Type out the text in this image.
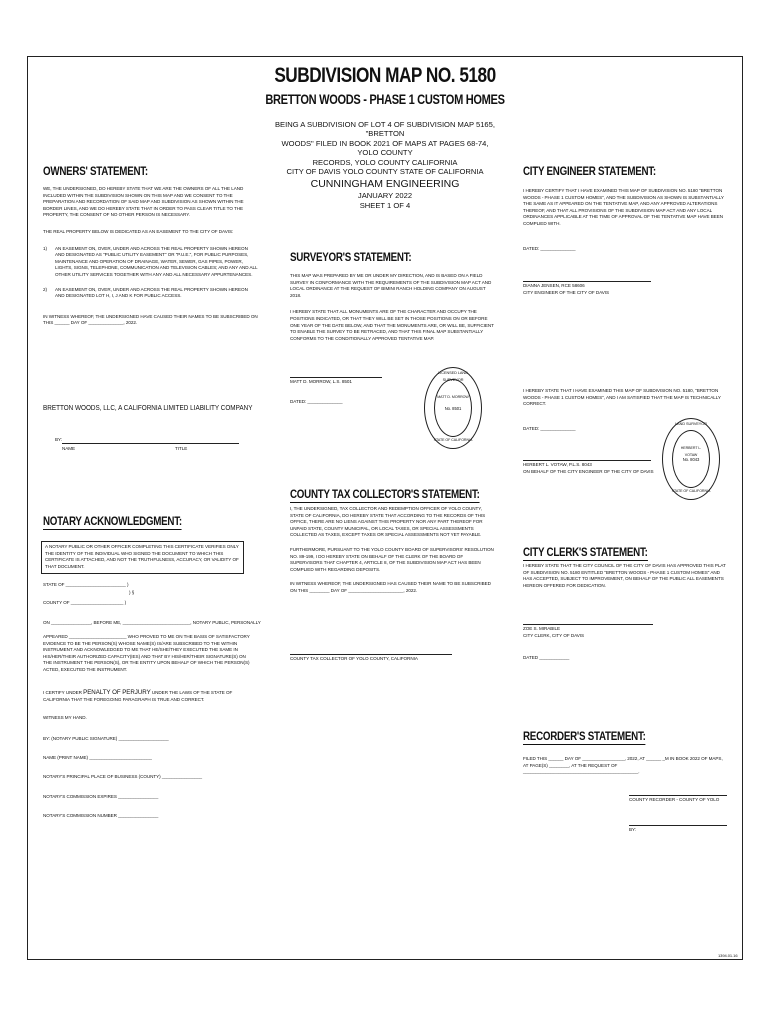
SUBDIVISION MAP NO. 5180
BRETTON WOODS - PHASE 1 CUSTOM HOMES

BEING A SUBDIVISION OF LOT 4 OF SUBDIVISION MAP 5165, "BRETTON

WOODS" FILED IN BOOK 2021 OF MAPS AT PAGES 68-74, YOLO COUNTY

RECORDS, YOLO COUNTY CALIFORNIA

CITY OF DAVIS YOLO COUNTY STATE OF CALIFORNIA

CUNNINGHAM ENGINEERING

JANUARY 2022

SHEET 1 OF 4

OWNERS' STATEMENT:

WE, THE UNDERSIGNED, DO HEREBY STATE THAT WE ARE THE OWNERS OF ALL THE LAND INCLUDED WITHIN THE SUBDIVISION SHOWN ON THIS MAP AND WE CONSENT TO THE PREPARATION AND RECORDATION OF SAID MAP AND SUBDIVISION AS SHOWN WITHIN THE BORDER LINES, AND WE DO HEREBY STATE THAT IN ORDER TO PASS CLEAR TITLE TO THE PROPERTY, THE CONSENT OF NO OTHER PERSON IS NECESSARY.

THE REAL PROPERTY BELOW IS DEDICATED AS AN EASEMENT TO THE CITY OF DAVIS:

1)	AN EASEMENT ON, OVER, UNDER AND ACROSS THE REAL PROPERTY SHOWN HEREON AND DESIGNATED AS "PUBLIC UTILITY EASEMENT" OR "P.U.E.", FOR PUBLIC PURPOSES, MAINTENANCE AND OPERATION OF DRAINAGE, WATER, SEWER, GAS PIPES, POWER, LIGHTS, SIGNS, TELEPHONE, COMMUNICATION AND TELEVISION CABLES; AND ANY AND ALL OTHER UTILITY SERVICES TOGETHER WITH ANY AND ALL NECESSARY APPURTENANCES.
2)	AN EASEMENT ON, OVER, UNDER AND ACROSS THE REAL PROPERTY SHOWN HEREON AND DESIGNATED LOT H, I, J AND K FOR PUBLIC ACCESS.

IN WITNESS WHEREOF, THE UNDERSIGNED HAVE CAUSED THEIR NAMES TO BE SUBSCRIBED ON THIS ______ DAY OF ______________, 2022.

BRETTON WOODS, LLC, A CALIFORNIA LIMITED LIABILITY COMPANY
BY:
NAME	TITLE
NOTARY ACKNOWLEDGMENT:
A NOTARY PUBLIC OR OTHER OFFICER COMPLETING THIS CERTIFICATE VERIFIES ONLY THE IDENTITY OF THE INDIVIDUAL WHO SIGNED THE DOCUMENT TO WHICH THIS CERTIFICATE IS ATTACHED, AND NOT THE TRUTHFULNESS, ACCURACY, OR VALIDITY OF THAT DOCUMENT.
STATE OF ________________________ )
) §
COUNTY OF _____________________ )
ON ________________, BEFORE ME, ___________________________, NOTARY PUBLIC, PERSONALLY
APPEARED _______________________ WHO PROVED TO ME ON THE BASIS OF SATISFACTORY EVIDENCE TO BE THE PERSON(S) WHOSE NAME(S) IS/ARE SUBSCRIBED TO THE WITHIN INSTRUMENT AND ACKNOWLEDGED TO ME THAT HE/SHE/THEY EXECUTED THE SAME IN HIS/HER/THEIR AUTHORIZED CAPACITY(IES) AND THAT BY HIS/HER/THEIR SIGNATURE(S) ON THE INSTRUMENT THE PERSON(S), OR THE ENTITY UPON BEHALF OF WHICH THE PERSON(S) ACTED, EXECUTED THE INSTRUMENT.
I CERTIFY UNDER PENALTY OF PERJURY UNDER THE LAWS OF THE STATE OF CALIFORNIA THAT THE FOREGOING PARAGRAPH IS TRUE AND CORRECT.
WITNESS MY HAND.
BY: (NOTARY PUBLIC SIGNATURE) ____________________
NAME (PRINT NAME) _________________________
NOTARY'S PRINCIPAL PLACE OF BUSINESS (COUNTY) ________________
NOTARY'S COMMISSION EXPIRES ________________
NOTARY'S COMMISSION NUMBER ________________
SURVEYOR'S STATEMENT:

THIS MAP WAS PREPARED BY ME OR UNDER MY DIRECTION, AND IS BASED ON A FIELD SURVEY IN CONFORMANCE WITH THE REQUIREMENTS OF THE SUBDIVISION MAP ACT AND LOCAL ORDINANCE AT THE REQUEST OF BIMINI RANCH HOLDING COMPANY ON AUGUST 2018.

I HEREBY STATE THAT ALL MONUMENTS ARE OF THE CHARACTER AND OCCUPY THE POSITIONS INDICATED, OR THAT THEY WILL BE SET IN THOSE POSITIONS ON OR BEFORE ONE YEAR OF THE DATE BELOW, AND THAT THE MONUMENTS ARE, OR WILL BE, SUFFICIENT TO ENABLE THE SURVEY TO BE RETRACED, AND THAT THIS FINAL MAP SUBSTANTIALLY CONFORMS TO THE CONDITIONALLY APPROVED TENTATIVE MAP.

MATT D. MORROW, L.S. 8501
DATED: ______________
LICENSED LAND SURVEYOR
MATT D. MORROW
No. 8501
STATE OF CALIFORNIA
COUNTY TAX COLLECTOR'S STATEMENT:

I, THE UNDERSIGNED, TAX COLLECTOR AND REDEMPTION OFFICER OF YOLO COUNTY, STATE OF CALIFORNIA, DO HEREBY STATE THAT ACCORDING TO THE RECORDS OF THIS OFFICE, THERE ARE NO LIENS AGAINST THIS PROPERTY NOR ANY PART THEREOF FOR UNPAID STATE, COUNTY MUNICIPAL, OR LOCAL TAXES, OR SPECIAL ASSESSMENTS COLLECTED AS TAXES, EXCEPT TAXES OR SPECIAL ASSESSMENTS NOT YET PAYABLE.

FURTHERMORE, PURSUANT TO THE YOLO COUNTY BOARD OF SUPERVISORS' RESOLUTION NO. 89-199, I DO HEREBY STATE ON BEHALF OF THE CLERK OF THE BOARD OF SUPERVISORS THAT CHAPTER 4, ARTICLE 8, OF THE SUBDIVISION MAP ACT HAS BEEN COMPLIED WITH REGARDING DEPOSITS.

IN WITNESS WHEREOF, THE UNDERSIGNED HAS CAUSED THEIR NAME TO BE SUBSCRIBED ON THIS ________ DAY OF ______________________, 2022.

COUNTY TAX COLLECTOR OF YOLO COUNTY, CALIFORNIA
CITY ENGINEER STATEMENT:
I HEREBY CERTIFY THAT I HAVE EXAMINED THIS MAP OF SUBDIVISION NO. 5180 "BRETTON WOODS - PHASE 1 CUSTOM HOMES", AND THE SUBDIVISION AS SHOWN IS SUBSTANTIALLY THE SAME AS IT APPEARED ON THE TENTATIVE MAP, AND ANY APPROVED ALTERATIONS THEREOF, AND THAT ALL PROVISIONS OF THE SUBDIVISION MAP ACT AND ANY LOCAL ORDINANCES APPLICABLE AT THE TIME OF APPROVAL OF THE TENTATIVE MAP HAVE BEEN COMPLIED WITH.
DATED: ______________
DIANNA JENSEN, RCE 58606
CITY ENGINEER OF THE CITY OF DAVIS
I HEREBY STATE THAT I HAVE EXAMINED THIS MAP OF SUBDIVISION NO. 5180, "BRETTON WOODS - PHASE 1 CUSTOM HOMES", AND I AM SATISFIED THAT THE MAP IS TECHNICALLY CORRECT.
DATED: ______________
HERBERT L. VOTAW, P.L.S. 8043
ON BEHALF OF THE CITY ENGINEER OF THE CITY OF DAVIS
LAND SURVEYOR
HERBERT L. VOTAW
No. 8043
STATE OF CALIFORNIA
CITY CLERK'S STATEMENT:
I HEREBY STATE THAT THE CITY COUNCIL OF THE CITY OF DAVIS HAS APPROVED THIS PLAT OF SUBDIVISION NO. 5180 ENTITLED "BRETTON WOODS - PHASE 1 CUSTOM HOMES" AND HAS ACCEPTED, SUBJECT TO IMPROVEMENT, ON BEHALF OF THE PUBLIC ALL EASEMENTS HEREON OFFERED FOR DEDICATION.
ZOE S. MIRABILE
CITY CLERK, CITY OF DAVIS
DATED ____________
RECORDER'S STATEMENT:
FILED THIS ______ DAY OF _________________, 2022, AT ______ _M IN BOOK 2022 OF MAPS, AT PAGE(S) ________, AT THE REQUEST OF ______________________________________________.
COUNTY RECORDER - COUNTY OF YOLO
BY:
1394.01.16
